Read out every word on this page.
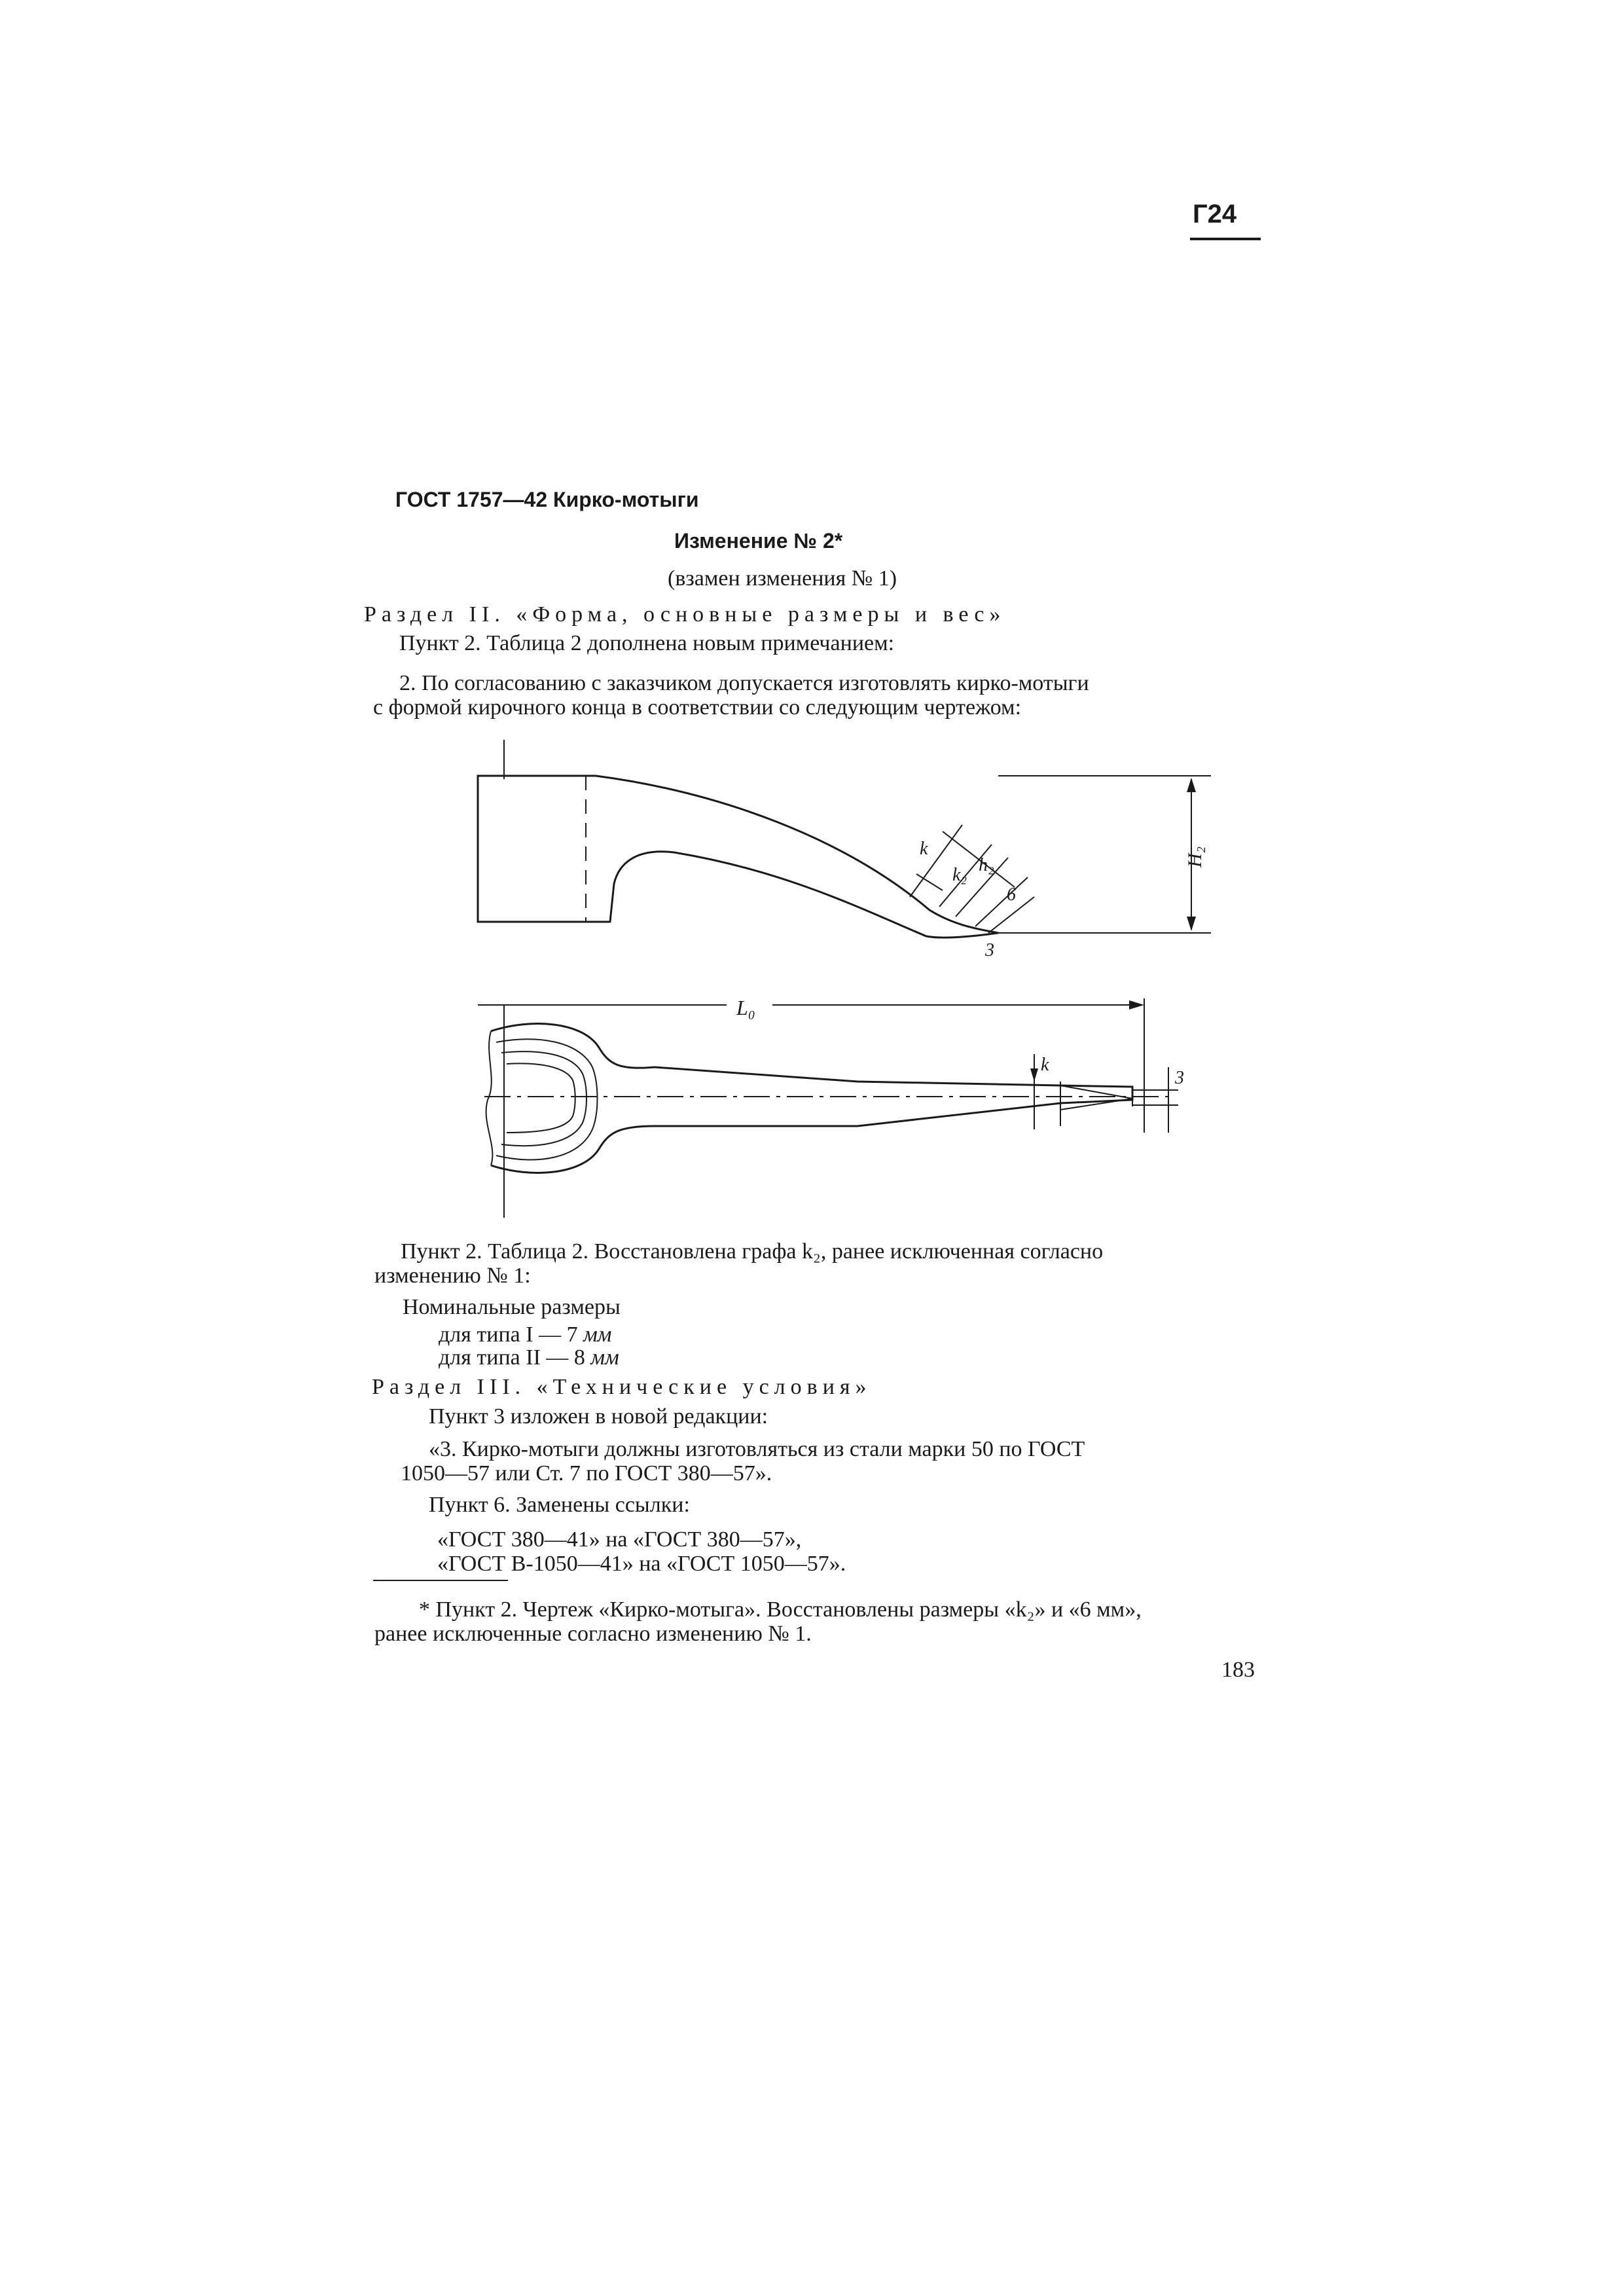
Г24
ГОСТ 1757—42 Кирко-мотыги
Изменение № 2*
(взамен изменения № 1)
Раздел II. «Форма, основные размеры и вес»
Пункт 2. Таблица 2 дополнена новым примечанием:
2. По согласованию с заказчиком допускается изготовлять кирко-мотыги
с формой кирочного конца в соответствии со следующим чертежом:
H₂
k
k₂ h₂
6
3
L₀
k
3
Пункт 2. Таблица 2. Восстановлена графа k₂, ранее исключенная согласно
изменению № 1:
Номинальные размеры
для типа I — 7 мм
для типа II — 8 мм
Раздел III. «Технические условия»
Пункт 3 изложен в новой редакции:
«3. Кирко-мотыги должны изготовляться из стали марки 50 по ГОСТ
1050—57 или Ст. 7 по ГОСТ 380—57».
Пункт 6. Заменены ссылки:
«ГОСТ 380—41» на «ГОСТ 380—57»,
«ГОСТ В-1050—41» на «ГОСТ 1050—57».
* Пункт 2. Чертеж «Кирко-мотыга». Восстановлены размеры «k₂» и «6 мм»,
ранее исключенные согласно изменению № 1.
183
